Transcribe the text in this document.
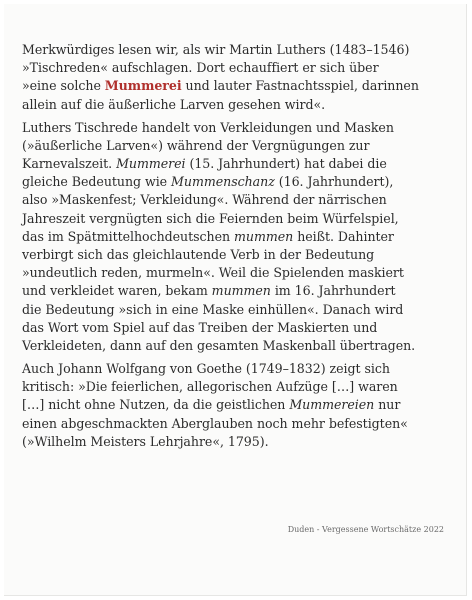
Merkwürdiges lesen wir, als wir Martin Luthers (1483–1546)
»Tischreden« aufschlagen. Dort echauffiert er sich über
»eine solche Mummerei und lauter Fastnachtsspiel, darinnen
allein auf die äußerliche Larven gesehen wird«.

Luthers Tischrede handelt von Verkleidungen und Masken
(»äußerliche Larven«) während der Vergnügungen zur
Karnevalszeit. Mummerei (15. Jahrhundert) hat dabei die
gleiche Bedeutung wie Mummenschanz (16. Jahrhundert),
also »Maskenfest; Verkleidung«. Während der närrischen
Jahreszeit vergnügten sich die Feiernden beim Würfelspiel,
das im Spätmittelhochdeutschen mummen heißt. Dahinter
verbirgt sich das gleichlautende Verb in der Bedeutung
»undeutlich reden, murmeln«. Weil die Spielenden maskiert
und verkleidet waren, bekam mummen im 16. Jahrhundert
die Bedeutung »sich in eine Maske einhüllen«. Danach wird
das Wort vom Spiel auf das Treiben der Maskierten und
Verkleideten, dann auf den gesamten Maskenball übertragen.

Auch Johann Wolfgang von Goethe (1749–1832) zeigt sich
kritisch: »Die feierlichen, allegorischen Aufzüge […] waren
[…] nicht ohne Nutzen, da die geistlichen Mummereien nur
einen abgeschmackten Aberglauben noch mehr befestigten«
(»Wilhelm Meisters Lehrjahre«, 1795).

Duden - Vergessene Wortschätze 2022
